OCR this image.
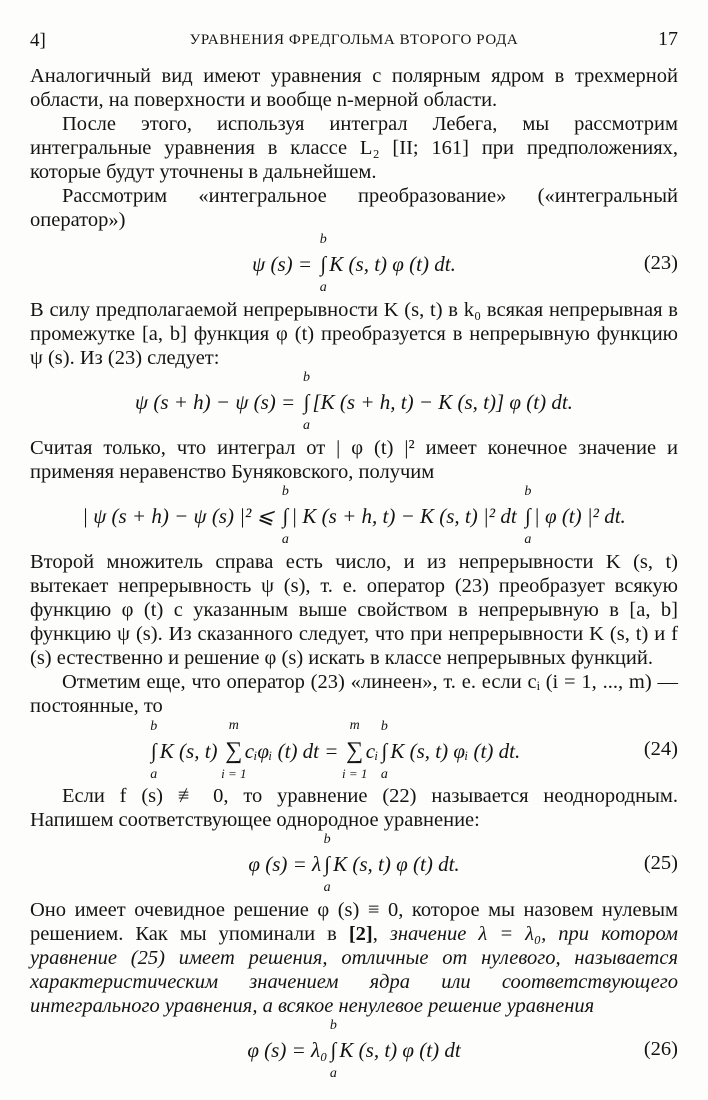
4]	УРАВНЕНИЯ ФРЕДГОЛЬМА ВТОРОГО РОДА	17

Аналогичный вид имеют уравнения с полярным ядром в трехмерной области, на поверхности и вообще n-мерной области.

После этого, используя интеграл Лебега, мы рассмотрим интегральные уравнения в классе L₂ [II; 161] при предположениях, которые будут уточнены в дальнейшем.

Рассмотрим «интегральное преобразование» («интегральный оператор»)

ψ (s) =
b
∫
a
K (s, t) φ (t) dt.	(23)

В силу предполагаемой непрерывности K (s, t) в k₀ всякая непрерывная в промежутке [a, b] функция φ (t) преобразуется в непрерывную функцию ψ (s). Из (23) следует:

ψ (s + h) − ψ (s) =
b
∫
a
[K (s + h, t) − K (s, t)] φ (t) dt.

Считая только, что интеграл от | φ (t) |² имеет конечное значение и применяя неравенство Буняковского, получим

| ψ (s + h) − ψ (s) |² ⩽
b
∫
a
| K (s + h, t) − K (s, t) |² dt
b
∫
a
| φ (t) |² dt.

Второй множитель справа есть число, и из непрерывности K (s, t) вытекает непрерывность ψ (s), т. е. оператор (23) преобразует всякую функцию φ (t) с указанным выше свойством в непрерывную в [a, b] функцию ψ (s). Из сказанного следует, что при непрерывности K (s, t) и f (s) естественно и решение φ (s) искать в классе непрерывных функций.

Отметим еще, что оператор (23) «линеен», т. е. если cᵢ (i = 1, ..., m) — постоянные, то

b
∫
a
K (s, t)
m
∑
i = 1
cᵢφᵢ (t) dt =
m
∑
i = 1
cᵢ
b
∫
a
K (s, t) φᵢ (t) dt.	(24)

Если f (s) ≢ 0, то уравнение (22) называется неоднородным. Напишем соответствующее однородное уравнение:

φ (s) = λ
b
∫
a
K (s, t) φ (t) dt.	(25)

Оно имеет очевидное решение φ (s) ≡ 0, которое мы назовем нулевым решением. Как мы упоминали в [2], значение λ = λ₀, при котором уравнение (25) имеет решения, отличные от нулевого, называется характеристическим значением ядра или соответствующего интегрального уравнения, а всякое ненулевое решение уравнения

φ (s) = λ₀
b
∫
a
K (s, t) φ (t) dt	(26)
